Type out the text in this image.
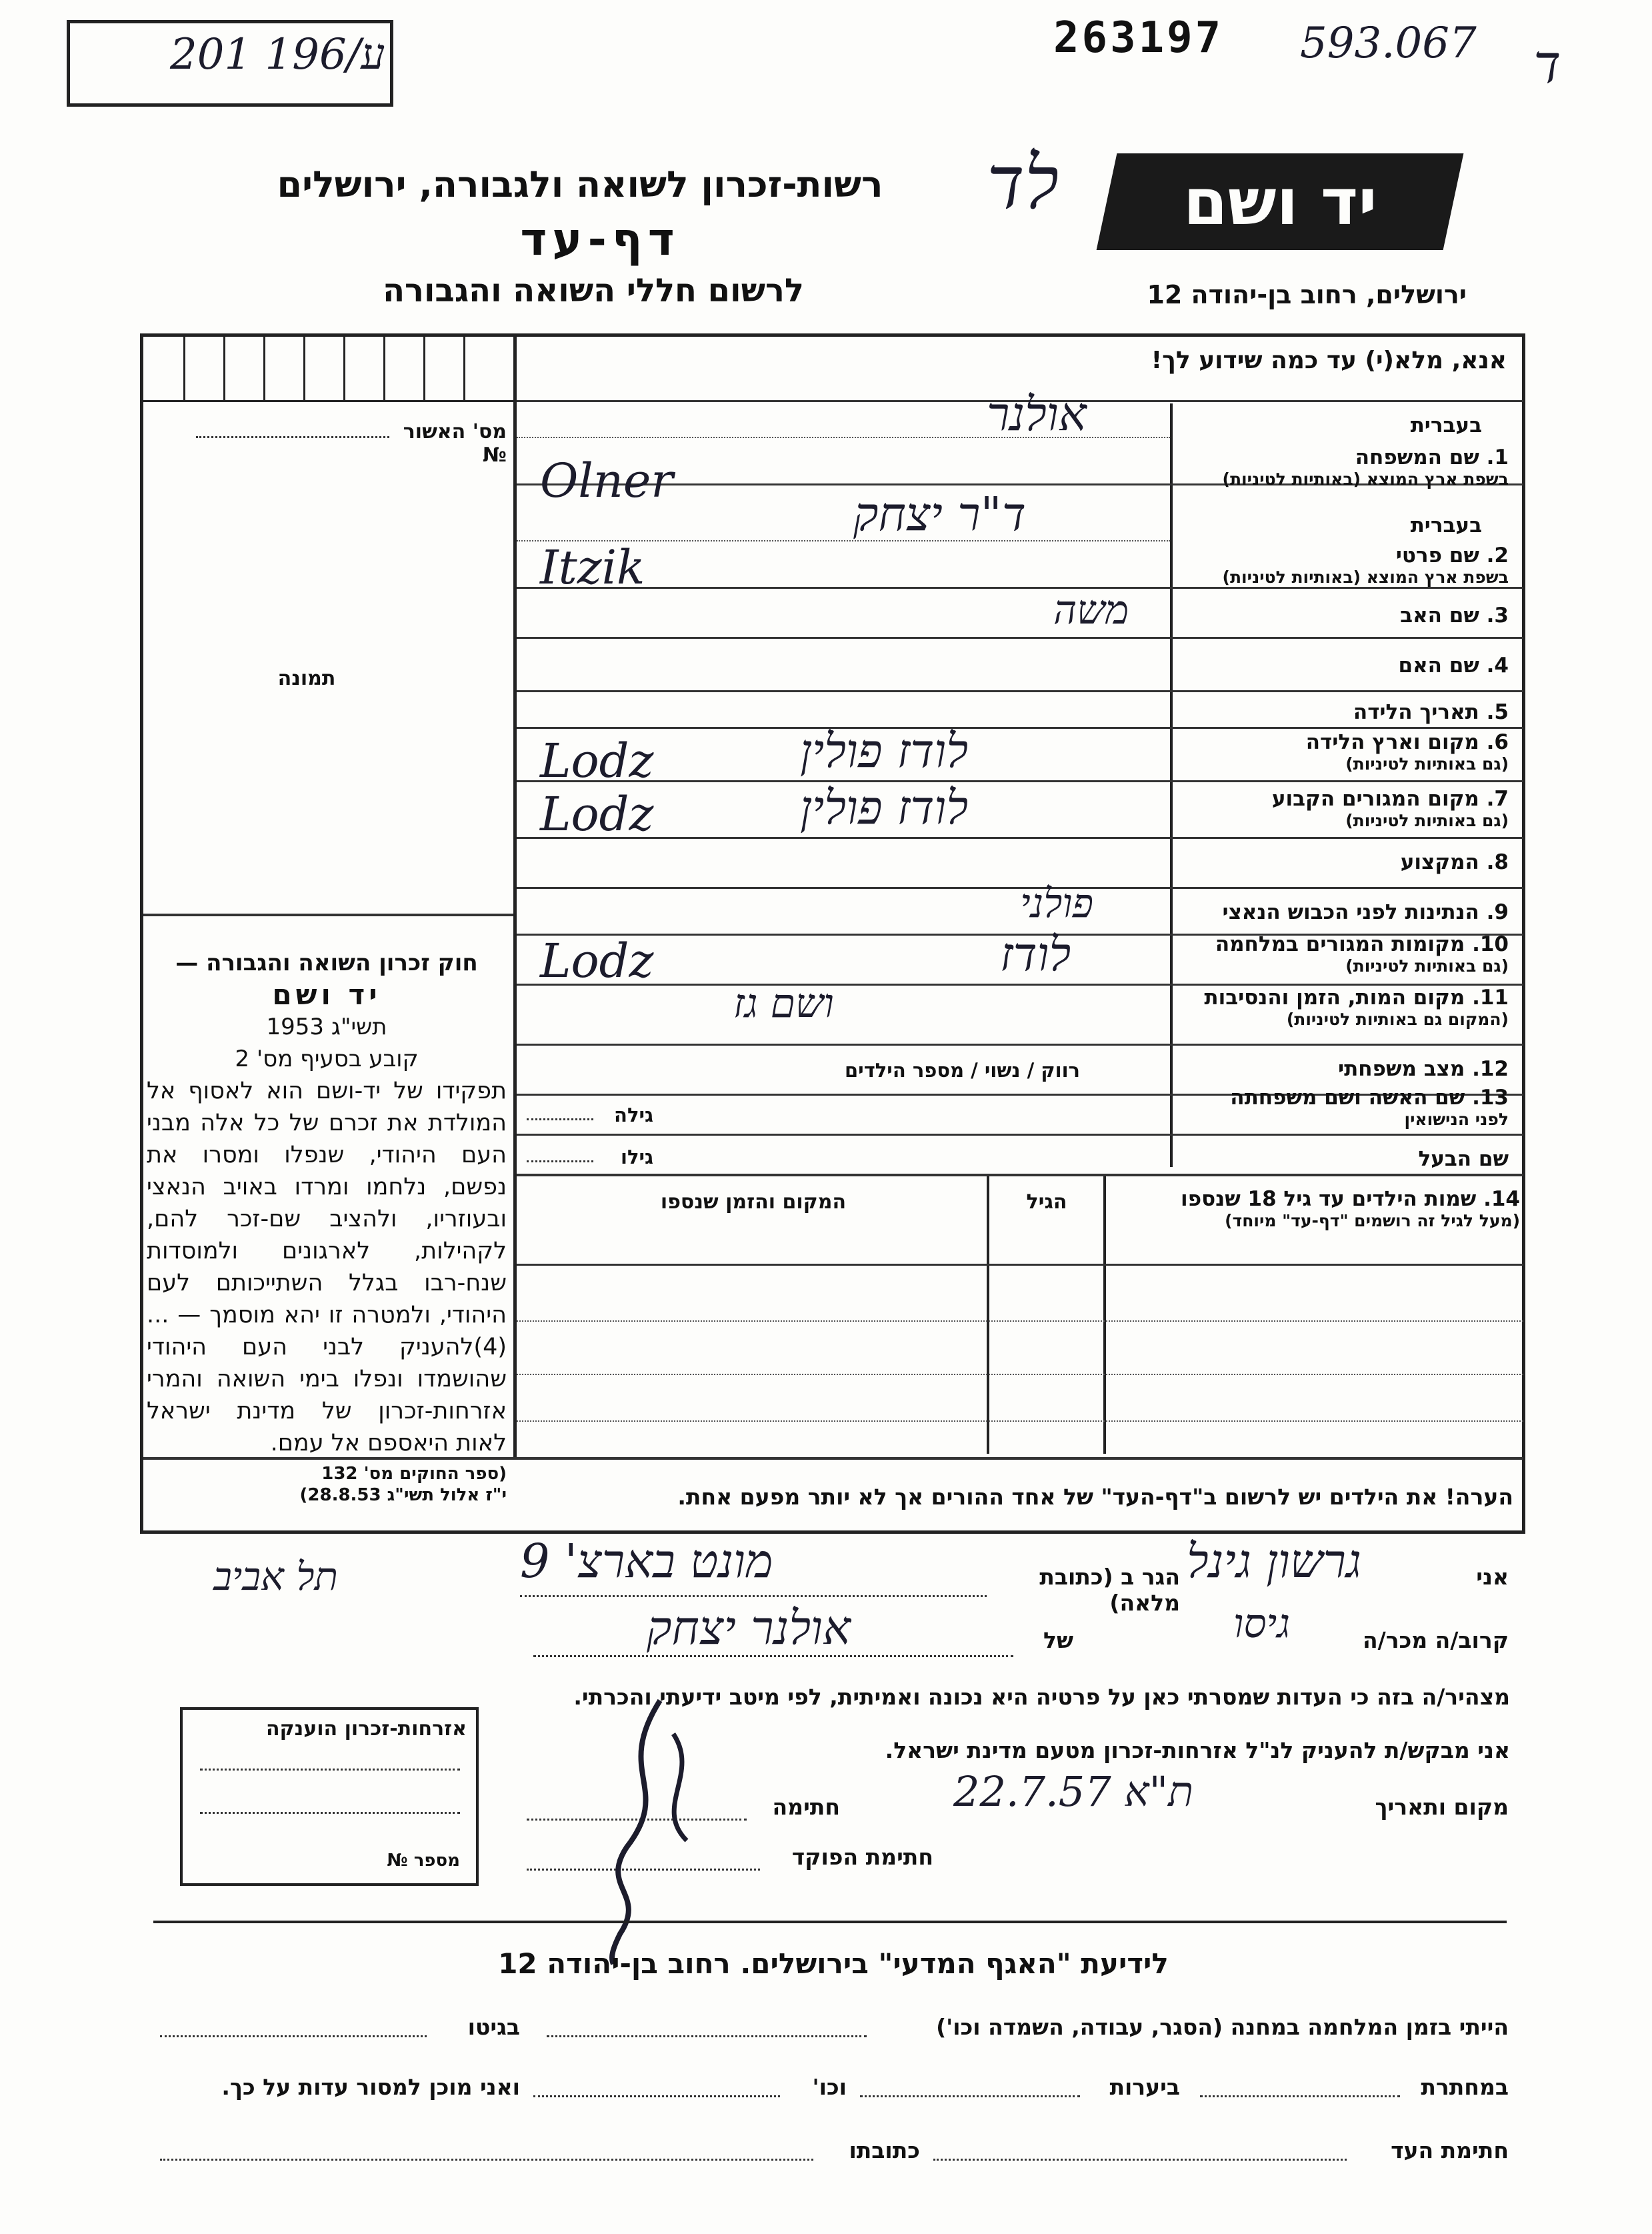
201 196/ע	263197 593.067 ד
לד יד ושם
רשות-זכרון לשואה ולגבורה, ירושלים
דף-עד
לרשום חללי השואה והגבורה	ירושלים, רחוב בן-יהודה 12
אנא, מלא(י) עד כמה שידוע לך!
מס' האשור  №
תמונה
חוק זכרון השואה והגבורה —
יד ושם
תשי"ג 1953
קובע בסעיף מס' 2
תפקידו של יד-ושם הוא לאסוף אל המולדת את זכרם של כל אלה מבני העם היהודי, שנפלו ומסרו את נפשם, נלחמו ומרדו באויב הנאצי ובעוזריו, ולהציב שם-זכר להם, לקהילות, לארגונים ולמוסדות שנח-רבו בגלל השתייכותם לעם היהודי, ולמטרה זו יהא מוסמך — ...(4)להעניק לבני העם היהודי שהושמדו ונפלו בימי השואה והמרי אזרחות-זכרון של מדינת ישראל לאות היאספם אל עמם.
(ספר החוקים מס' 132
י"ז אלול תשי"ג 28.8.53)
בעברית
1. שם המשפחה
בשפת ארץ המוצא (באותיות לטיניות)
אולנר
Olner
בעברית
2. שם פרטי
בשפת ארץ המוצא (באותיות לטיניות)
ד"ר יצחק
Itzik
3. שם האב
משה
4. שם האם
5. תאריך הלידה
6. מקום וארץ הלידה
(גם באותיות לטיניות)
לודז פולין
Lodz
7. מקום המגורים הקבוע
(גם באותיות לטיניות)
לודז פולין
Lodz
8. המקצוע
9. הנתינות לפני הכבוש הנאצי
פולני
10. מקומות המגורים במלחמה
(גם באותיות לטיניות)
לודז
Lodz
11. מקום המות, הזמן והנסיבות
(המקום גם באותיות לטיניות)
ושם גז
12. מצב משפחתי
רווק / נשוי / מספר הילדים
13. שם האשה ושם משפחתה
לפני הנישואין
גילה
שם הבעל
גילו
14. שמות הילדים עד גיל 18 שנספו
(מעל לגיל זה רושמים "דף-עד" מיוחד)
הגיל
המקום והזמן שנספו
הערה! את הילדים יש לרשום ב"דף-העד" של אחד ההורים אך לא יותר מפעם אחת.
אני
גרשון גינל
הגר ב (כתובת מלאה)
מונט בארצ' 9
תל אביב
קרוב/ה מכר/ה
גיסו
של
אולנר יצחק
מצהיר/ה בזה כי העדות שמסרתי כאן על פרטיה היא נכונה ואמיתית, לפי מיטב ידיעתי והכרתי.
אני מבקש/ת להעניק לנ"ל אזרחות-זכרון מטעם מדינת ישראל.
מקום ותאריך
ת"א 22.7.57
חתימה
חתימת הפוקד
אזרחות-זכרון הוענקה
מספר №
לידיעת "האגף המדעי" בירושלים. רחוב בן-יהודה 12
הייתי בזמן המלחמה במחנה (הסגר, עבודה, השמדה וכו')
בגיטו
במחתרת
ביערות
וכו'
ואני מוכן למסור עדות על כך.
חתימת העד
כתובתו
